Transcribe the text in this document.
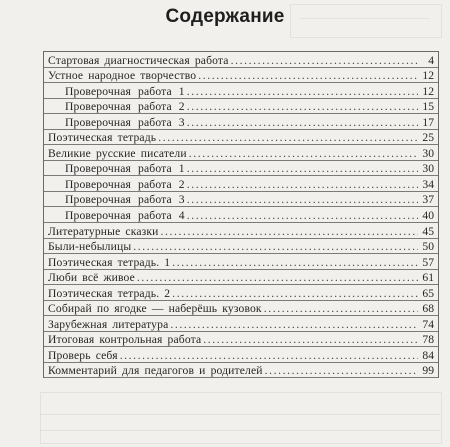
Содержание
Стартовая диагностическая работа .....	4
Устное народное творчество .....	12
Проверочная работа 1 .....	12
Проверочная работа 2 .....	15
Проверочная работа 3 .....	17
Поэтическая тетрадь .....	25
Великие русские писатели .....	30
Проверочная работа 1 .....	30
Проверочная работа 2 .....	34
Проверочная работа 3 .....	37
Проверочная работа 4 .....	40
Литературные сказки .....	45
Были-небылицы .....	50
Поэтическая тетрадь. 1 .....	57
Люби всё живое .....	61
Поэтическая тетрадь. 2 .....	65
Собирай по ягодке — наберёшь кузовок .....	68
Зарубежная литература .....	74
Итоговая контрольная работа .....	78
Проверь себя .....	84
Комментарий для педагогов и родителей .....	99
